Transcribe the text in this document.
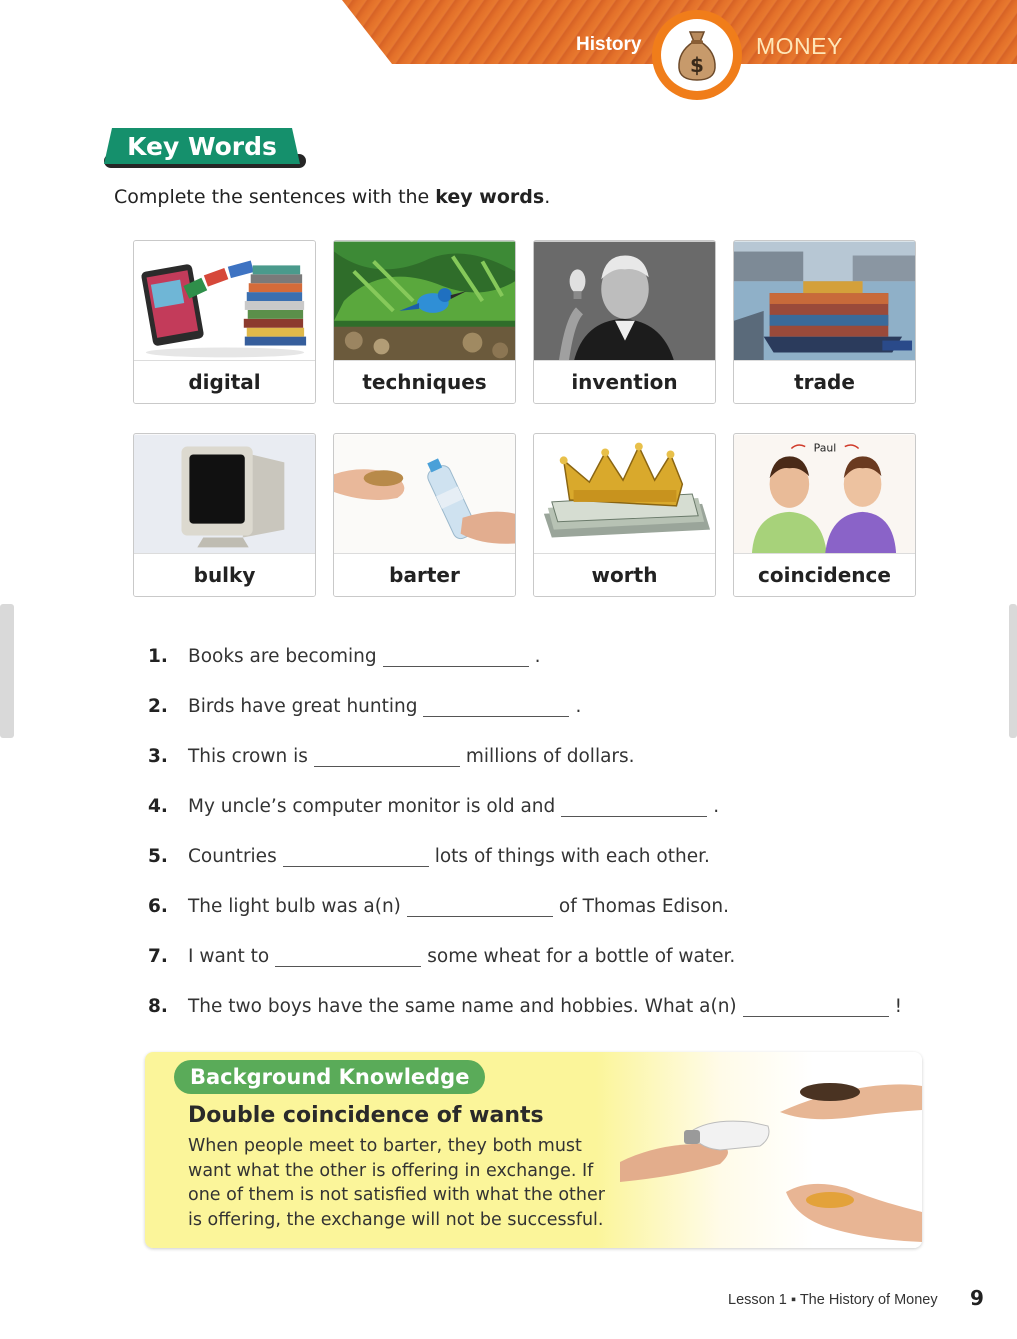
History
$
MONEY
Key Words
Complete the sentences with the key words.
digital	techniques	invention	trade
bulky	barter	worth
Paul
coincidence
1. Books are becoming	.
2. Birds have great hunting	.
3. This crown is	millions of dollars.
4. My uncle’s computer monitor is old and	.
5. Countries	lots of things with each other.
6. The light bulb was a(n)	of Thomas Edison.
7. I want to	some wheat for a bottle of water.
8. The two boys have the same name and hobbies. What a(n)	!
Background Knowledge
Double coincidence of wants
When people meet to barter, they both must
want what the other is offering in exchange. If
one of them is not satisfied with what the other
is offering, the exchange will not be successful.
Lesson 1 ▪ The History of Money 9
